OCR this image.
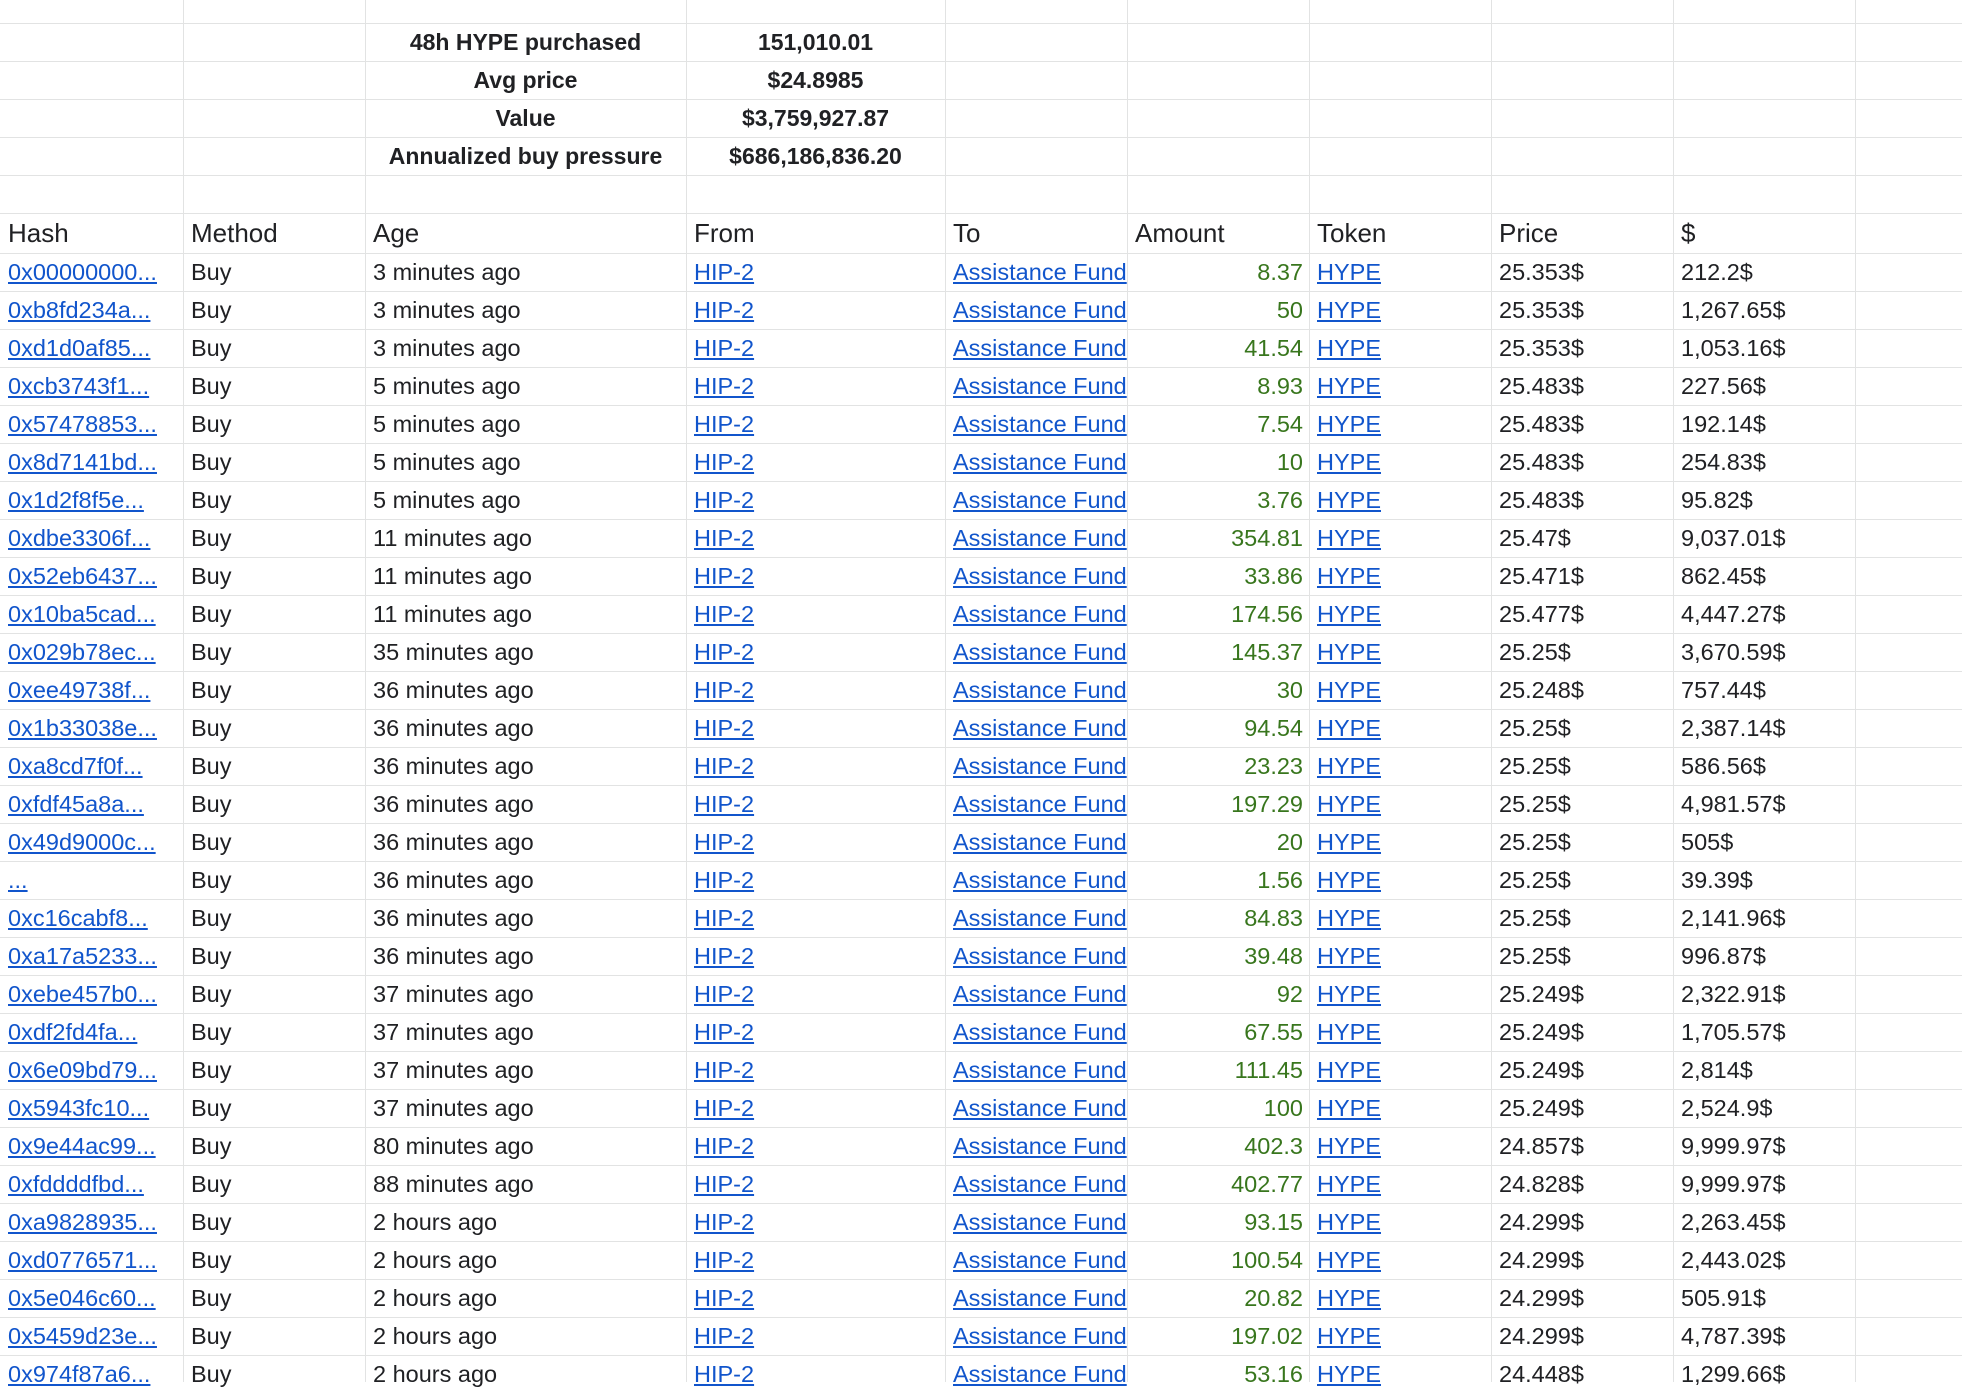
48h HYPE purchased	151,010.01
Avg price	$24.8985
Value	$3,759,927.87
Annualized buy pressure	$686,186,836.20
Hash	Method	Age	From	To	Amount	Token	Price	$
0x00000000...	Buy	3 minutes ago	HIP-2	Assistance Fund	8.37 HYPE	25.353$	212.2$
0xb8fd234a...	Buy	3 minutes ago	HIP-2	Assistance Fund	50 HYPE	25.353$	1,267.65$
0xd1d0af85...	Buy	3 minutes ago	HIP-2	Assistance Fund	41.54 HYPE	25.353$	1,053.16$
0xcb3743f1...	Buy	5 minutes ago	HIP-2	Assistance Fund	8.93 HYPE	25.483$	227.56$
0x57478853...	Buy	5 minutes ago	HIP-2	Assistance Fund	7.54 HYPE	25.483$	192.14$
0x8d7141bd...	Buy	5 minutes ago	HIP-2	Assistance Fund	10 HYPE	25.483$	254.83$
0x1d2f8f5e...	Buy	5 minutes ago	HIP-2	Assistance Fund	3.76 HYPE	25.483$	95.82$
0xdbe3306f...	Buy	11 minutes ago	HIP-2	Assistance Fund	354.81 HYPE	25.47$	9,037.01$
0x52eb6437...	Buy	11 minutes ago	HIP-2	Assistance Fund	33.86 HYPE	25.471$	862.45$
0x10ba5cad...	Buy	11 minutes ago	HIP-2	Assistance Fund	174.56 HYPE	25.477$	4,447.27$
0x029b78ec...	Buy	35 minutes ago	HIP-2	Assistance Fund	145.37 HYPE	25.25$	3,670.59$
0xee49738f...	Buy	36 minutes ago	HIP-2	Assistance Fund	30 HYPE	25.248$	757.44$
0x1b33038e...	Buy	36 minutes ago	HIP-2	Assistance Fund	94.54 HYPE	25.25$	2,387.14$
0xa8cd7f0f...	Buy	36 minutes ago	HIP-2	Assistance Fund	23.23 HYPE	25.25$	586.56$
0xfdf45a8a...	Buy	36 minutes ago	HIP-2	Assistance Fund	197.29 HYPE	25.25$	4,981.57$
0x49d9000c...	Buy	36 minutes ago	HIP-2	Assistance Fund	20 HYPE	25.25$	505$
...	Buy	36 minutes ago	HIP-2	Assistance Fund	1.56 HYPE	25.25$	39.39$
0xc16cabf8...	Buy	36 minutes ago	HIP-2	Assistance Fund	84.83 HYPE	25.25$	2,141.96$
0xa17a5233...	Buy	36 minutes ago	HIP-2	Assistance Fund	39.48 HYPE	25.25$	996.87$
0xebe457b0...	Buy	37 minutes ago	HIP-2	Assistance Fund	92 HYPE	25.249$	2,322.91$
0xdf2fd4fa...	Buy	37 minutes ago	HIP-2	Assistance Fund	67.55 HYPE	25.249$	1,705.57$
0x6e09bd79...	Buy	37 minutes ago	HIP-2	Assistance Fund	111.45 HYPE	25.249$	2,814$
0x5943fc10...	Buy	37 minutes ago	HIP-2	Assistance Fund	100 HYPE	25.249$	2,524.9$
0x9e44ac99...	Buy	80 minutes ago	HIP-2	Assistance Fund	402.3 HYPE	24.857$	9,999.97$
0xfddddfbd...	Buy	88 minutes ago	HIP-2	Assistance Fund	402.77 HYPE	24.828$	9,999.97$
0xa9828935...	Buy	2 hours ago	HIP-2	Assistance Fund	93.15 HYPE	24.299$	2,263.45$
0xd0776571...	Buy	2 hours ago	HIP-2	Assistance Fund	100.54 HYPE	24.299$	2,443.02$
0x5e046c60...	Buy	2 hours ago	HIP-2	Assistance Fund	20.82 HYPE	24.299$	505.91$
0x5459d23e...	Buy	2 hours ago	HIP-2	Assistance Fund	197.02 HYPE	24.299$	4,787.39$
0x974f87a6...	Buy	2 hours ago	HIP-2	Assistance Fund	53.16 HYPE	24.448$	1,299.66$
